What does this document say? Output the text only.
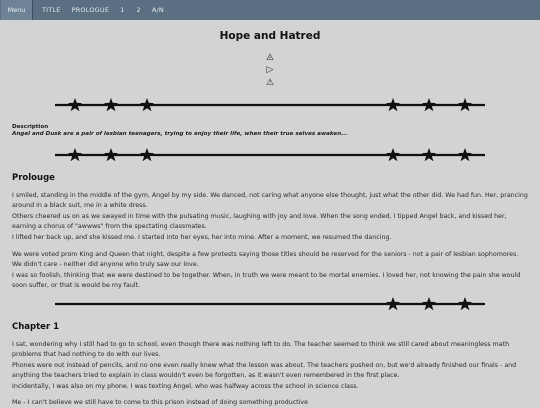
Menu	TITLE PROLOGUE 1 2 A/N
Hope and Hatred
◬
▷
⚠
Description
Angel and Dusk are a pair of lesbian teenagers, trying to enjoy their life, when their true selves awaken...
Prolouge
I smiled, standing in the middle of the gym, Angel by my side. We danced, not caring what anyone else thought, just what the other did. We had fun. Her, prancing around in a black suit, me in a white dress.
Others cheered us on as we swayed in time with the pulsating music, laughing with joy and love. When the song ended, I tipped Angel back, and kissed her, earning a chorus of "awwws" from the spectating classmates.
I lifted her back up, and she kissed me. I started into her eyes, her into mine. After a moment, we resumed the dancing.
We were voted prom King and Queen that night, despite a few protests saying those titles should be reserved for the seniors - not a pair of lesbian sophomores. We didn't care - neither did anyone who truly saw our love.
I was so foolish, thinking that we were destined to be together. When, in truth we were meant to be mortal enemies. I loved her, not knowing the pain she would soon suffer, or that is would be my fault.
Chapter 1
I sat, wondering why I still had to go to school, even though there was nothing left to do. The teacher seemed to think we still cared about meaningless math problems that had nothing to do with our lives.
Phones were out instead of pencils, and no one even really knew what the lesson was about. The teachers pushed on, but we'd already finished our finals - and anything the teachers tried to explain in class wouldn't even be forgotten, as it wasn't even remembered in the first place.
Incidentally, I was also on my phone. I was texting Angel, who was halfway across the school in science class.
Me - I can't believe we still have to come to this prison instead of doing something productive
